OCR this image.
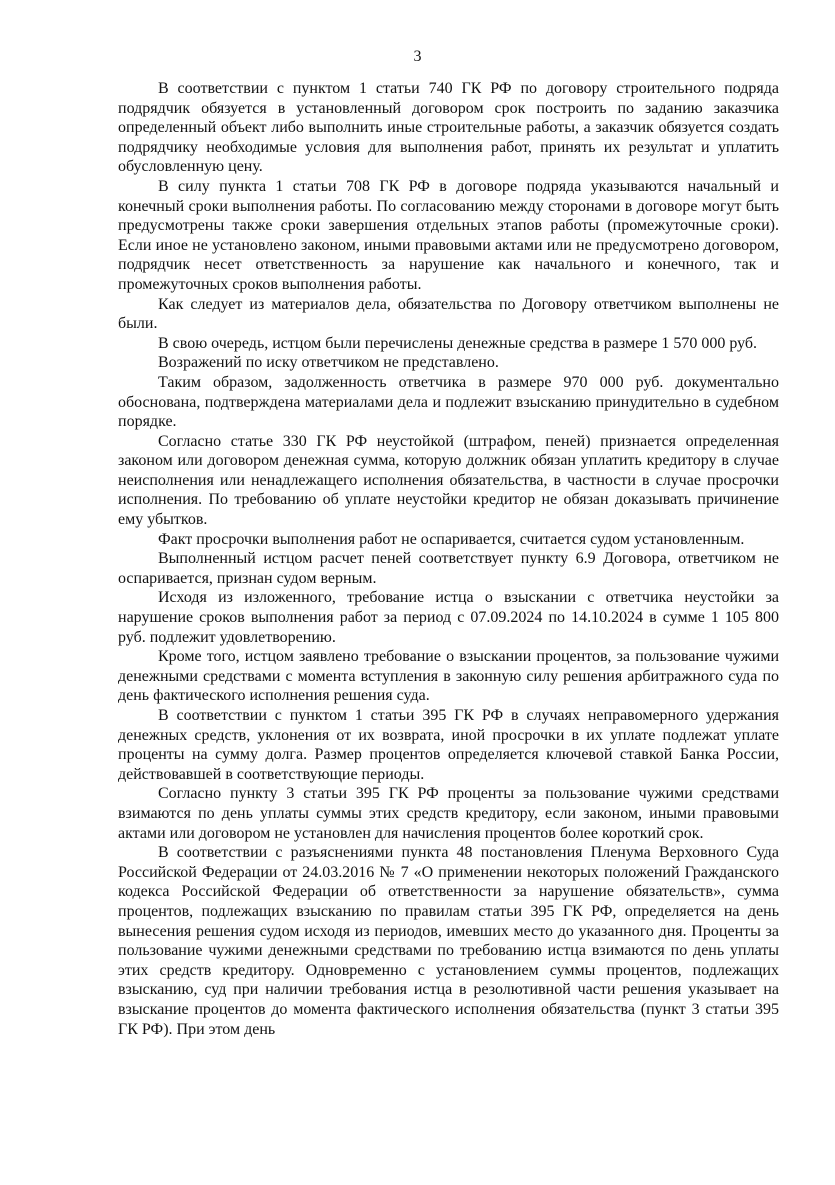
3

В соответствии с пунктом 1 статьи 740 ГК РФ по договору строительного подряда подрядчик обязуется в установленный договором срок построить по заданию заказчика определенный объект либо выполнить иные строительные работы, а заказчик обязуется создать подрядчику необходимые условия для выполнения работ, принять их результат и уплатить обусловленную цену.

В силу пункта 1 статьи 708 ГК РФ в договоре подряда указываются начальный и конечный сроки выполнения работы. По согласованию между сторонами в договоре могут быть предусмотрены также сроки завершения отдельных этапов работы (промежуточные сроки). Если иное не установлено законом, иными правовыми актами или не предусмотрено договором, подрядчик несет ответственность за нарушение как начального и конечного, так и промежуточных сроков выполнения работы.

Как следует из материалов дела, обязательства по Договору ответчиком выполнены не были.

В свою очередь, истцом были перечислены денежные средства в размере 1 570 000 руб.

Возражений по иску ответчиком не представлено.

Таким образом, задолженность ответчика в размере 970 000 руб. документально обоснована, подтверждена материалами дела и подлежит взысканию принудительно в судебном порядке.

Согласно статье 330 ГК РФ неустойкой (штрафом, пеней) признается определенная законом или договором денежная сумма, которую должник обязан уплатить кредитору в случае неисполнения или ненадлежащего исполнения обязательства, в частности в случае просрочки исполнения. По требованию об уплате неустойки кредитор не обязан доказывать причинение ему убытков.

Факт просрочки выполнения работ не оспаривается, считается судом установленным.

Выполненный истцом расчет пеней соответствует пункту 6.9 Договора, ответчиком не оспаривается, признан судом верным.

Исходя из изложенного, требование истца о взыскании с ответчика неустойки за нарушение сроков выполнения работ за период с 07.09.2024 по 14.10.2024 в сумме 1 105 800 руб. подлежит удовлетворению.

Кроме того, истцом заявлено требование о взыскании процентов, за пользование чужими денежными средствами с момента вступления в законную силу решения арбитражного суда по день фактического исполнения решения суда.

В соответствии с пунктом 1 статьи 395 ГК РФ в случаях неправомерного удержания денежных средств, уклонения от их возврата, иной просрочки в их уплате подлежат уплате проценты на сумму долга. Размер процентов определяется ключевой ставкой Банка России, действовавшей в соответствующие периоды.

Согласно пункту 3 статьи 395 ГК РФ проценты за пользование чужими средствами взимаются по день уплаты суммы этих средств кредитору, если законом, иными правовыми актами или договором не установлен для начисления процентов более короткий срок.

В соответствии с разъяснениями пункта 48 постановления Пленума Верховного Суда Российской Федерации от 24.03.2016 № 7 «О применении некоторых положений Гражданского кодекса Российской Федерации об ответственности за нарушение обязательств», сумма процентов, подлежащих взысканию по правилам статьи 395 ГК РФ, определяется на день вынесения решения судом исходя из периодов, имевших место до указанного дня. Проценты за пользование чужими денежными средствами по требованию истца взимаются по день уплаты этих средств кредитору. Одновременно с установлением суммы процентов, подлежащих взысканию, суд при наличии требования истца в резолютивной части решения указывает на взыскание процентов до момента фактического исполнения обязательства (пункт 3 статьи 395 ГК РФ). При этом день
